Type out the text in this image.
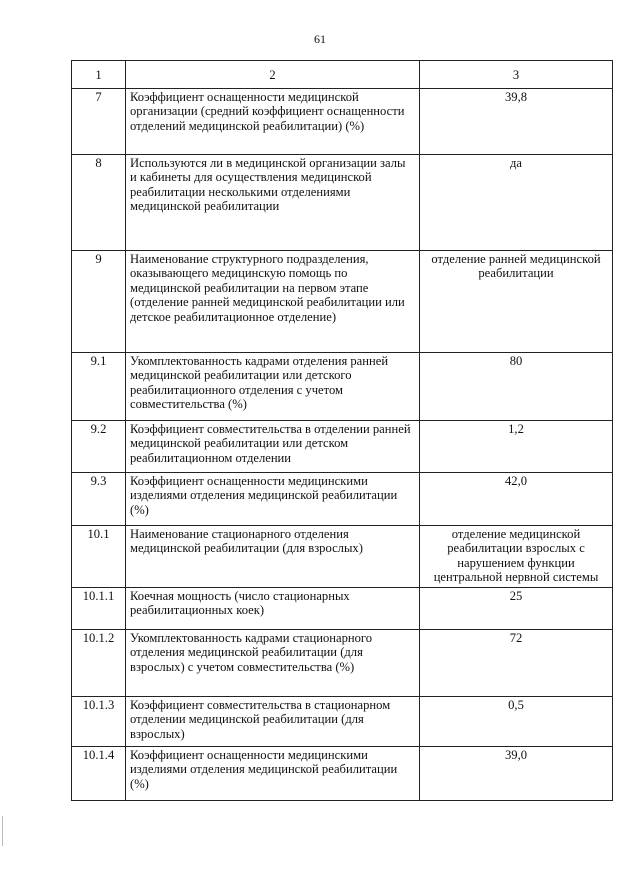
61
1	2	3
7	Коэффициент оснащенности медицинской организации (средний коэффициент оснащенности отделений медицинской реабилитации) (%)	39,8
8	Используются ли в медицинской организации залы и кабинеты для осуществления медицинской реабилитации несколькими отделениями медицинской реабилитации	да
9	Наименование структурного подразделения, оказывающего медицинскую помощь по медицинской реабилитации на первом этапе (отделение ранней медицинской реабилитации или детское реабилитационное отделение)	отделение ранней медицинской реабилитации
9.1	Укомплектованность кадрами отделения ранней медицинской реабилитации или детского реабилитационного отделения с учетом совместительства (%)	80
9.2	Коэффициент совместительства в отделении ранней медицинской реабилитации или детском реабилитационном отделении	1,2
9.3	Коэффициент оснащенности медицинскими изделиями отделения медицинской реабилитации (%)	42,0
10.1	Наименование стационарного отделения медицинской реабилитации (для взрослых)	отделение медицинской реабилитации взрослых с нарушением функции центральной нервной системы
10.1.1	Коечная мощность (число стационарных реабилитационных коек)	25
10.1.2	Укомплектованность кадрами стационарного отделения медицинской реабилитации (для взрослых) с учетом совместительства (%)	72
10.1.3	Коэффициент совместительства в стационарном отделении медицинской реабилитации (для взрослых)	0,5
10.1.4	Коэффициент оснащенности медицинскими изделиями отделения медицинской реабилитации (%)	39,0
